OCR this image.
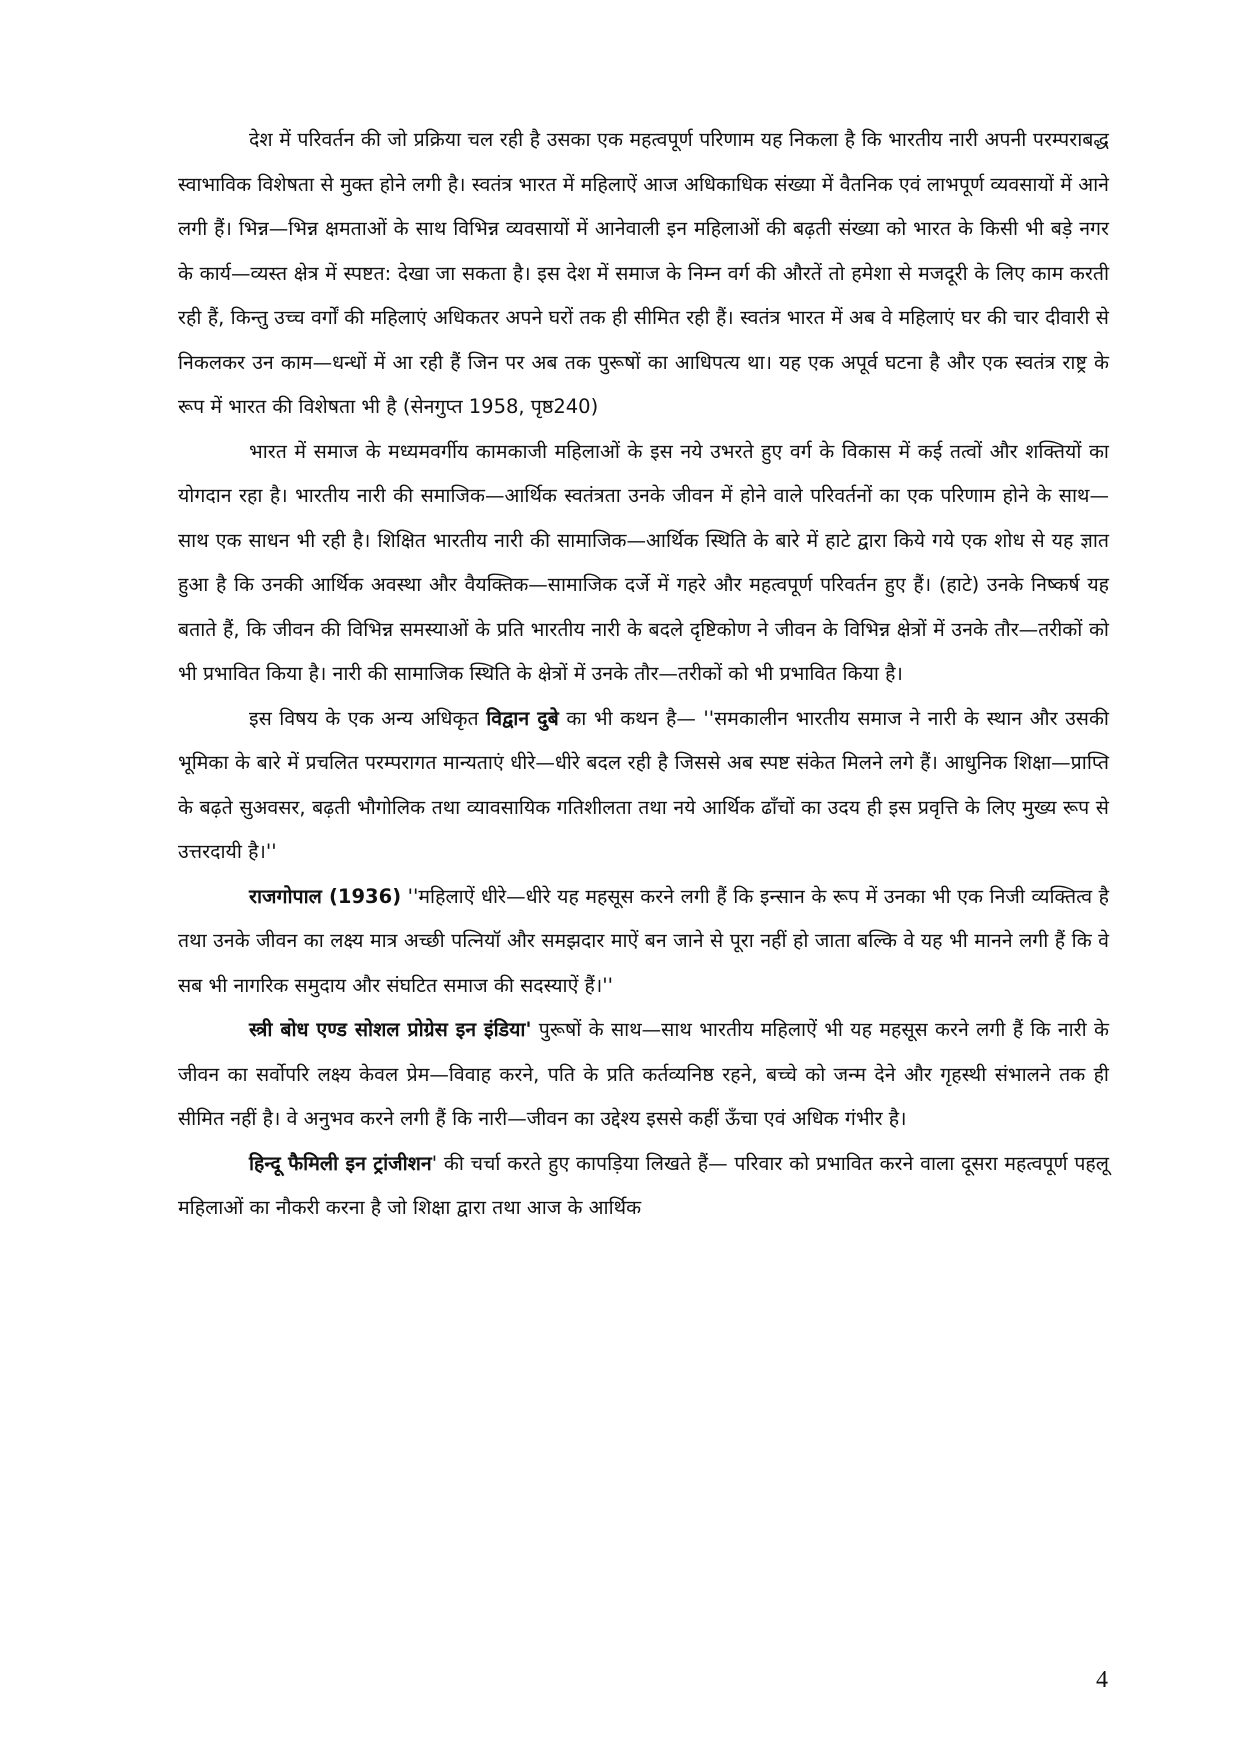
देश में परिवर्तन की जो प्रक्रिया चल रही है उसका एक महत्वपूर्ण परिणाम यह निकला है कि भारतीय नारी अपनी परम्पराबद्ध स्वाभाविक विशेषता से मुक्त होने लगी है। स्वतंत्र भारत में महिलाऐं आज अधिकाधिक संख्या में वैतनिक एवं लाभपूर्ण व्यवसायों में आने लगी हैं। भिन्न—भिन्न क्षमताओं के साथ विभिन्न व्यवसायों में आनेवाली इन महिलाओं की बढ़ती संख्या को भारत के किसी भी बड़े नगर के कार्य—व्यस्त क्षेत्र में स्पष्टत: देखा जा सकता है। इस देश में समाज के निम्न वर्ग की औरतें तो हमेशा से मजदूरी के लिए काम करती रही हैं, किन्तु उच्च वर्गों की महिलाएं अधिकतर अपने घरों तक ही सीमित रही हैं। स्वतंत्र भारत में अब वे महिलाएं घर की चार दीवारी से निकलकर उन काम—धन्धों में आ रही हैं जिन पर अब तक पुरूषों का आधिपत्य था। यह एक अपूर्व घटना है और एक स्वतंत्र राष्ट्र के रूप में भारत की विशेषता भी है (सेनगुप्त 1958, पृष्ठ240)

भारत में समाज के मध्यमवर्गीय कामकाजी महिलाओं के इस नये उभरते हुए वर्ग के विकास में कई तत्वों और शक्तियों का योगदान रहा है। भारतीय नारी की समाजिक—आर्थिक स्वतंत्रता उनके जीवन में होने वाले परिवर्तनों का एक परिणाम होने के साथ—साथ एक साधन भी रही है। शिक्षित भारतीय नारी की सामाजिक—आर्थिक स्थिति के बारे में हाटे द्वारा किये गये एक शोध से यह ज्ञात हुआ है कि उनकी आर्थिक अवस्था और वैयक्तिक—सामाजिक दर्जे में गहरे और महत्वपूर्ण परिवर्तन हुए हैं। (हाटे) उनके निष्कर्ष यह बताते हैं, कि जीवन की विभिन्न समस्याओं के प्रति भारतीय नारी के बदले दृष्टिकोण ने जीवन के विभिन्न क्षेत्रों में उनके तौर—तरीकों को भी प्रभावित किया है। नारी की सामाजिक स्थिति के क्षेत्रों में उनके तौर—तरीकों को भी प्रभावित किया है।

इस विषय के एक अन्य अधिकृत विद्वान दुबे का भी कथन है— ''समकालीन भारतीय समाज ने नारी के स्थान और उसकी भूमिका के बारे में प्रचलित परम्परागत मान्यताएं धीरे—धीरे बदल रही है जिससे अब स्पष्ट संकेत मिलने लगे हैं। आधुनिक शिक्षा—प्राप्ति के बढ़ते सुअवसर, बढ़ती भौगोलिक तथा व्यावसायिक गतिशीलता तथा नये आर्थिक ढाँचों का उदय ही इस प्रवृत्ति के लिए मुख्य रूप से उत्तरदायी है।''

राजगोपाल (1936) ''महिलाऐं धीरे—धीरे यह महसूस करने लगी हैं कि इन्सान के रूप में उनका भी एक निजी व्यक्तित्व है तथा उनके जीवन का लक्ष्य मात्र अच्छी पत्नियॉ और समझदार माऐं बन जाने से पूरा नहीं हो जाता बल्कि वे यह भी मानने लगी हैं कि वे सब भी नागरिक समुदाय और संघटित समाज की सदस्याऐं हैं।''

स्त्री बोध एण्ड सोशल प्रोग्रेस इन इंडिया' पुरूषों के साथ—साथ भारतीय महिलाऐं भी यह महसूस करने लगी हैं कि नारी के जीवन का सर्वोपरि लक्ष्य केवल प्रेम—विवाह करने, पति के प्रति कर्तव्यनिष्ठ रहने, बच्चे को जन्म देने और गृहस्थी संभालने तक ही सीमित नहीं है। वे अनुभव करने लगी हैं कि नारी—जीवन का उद्देश्य इससे कहीं ऊँचा एवं अधिक गंभीर है।

हिन्दू फैमिली इन ट्रांजीशन' की चर्चा करते हुए कापड़िया लिखते हैं— परिवार को प्रभावित करने वाला दूसरा महत्वपूर्ण पहलू महिलाओं का नौकरी करना है जो शिक्षा द्वारा तथा आज के आर्थिक

4
